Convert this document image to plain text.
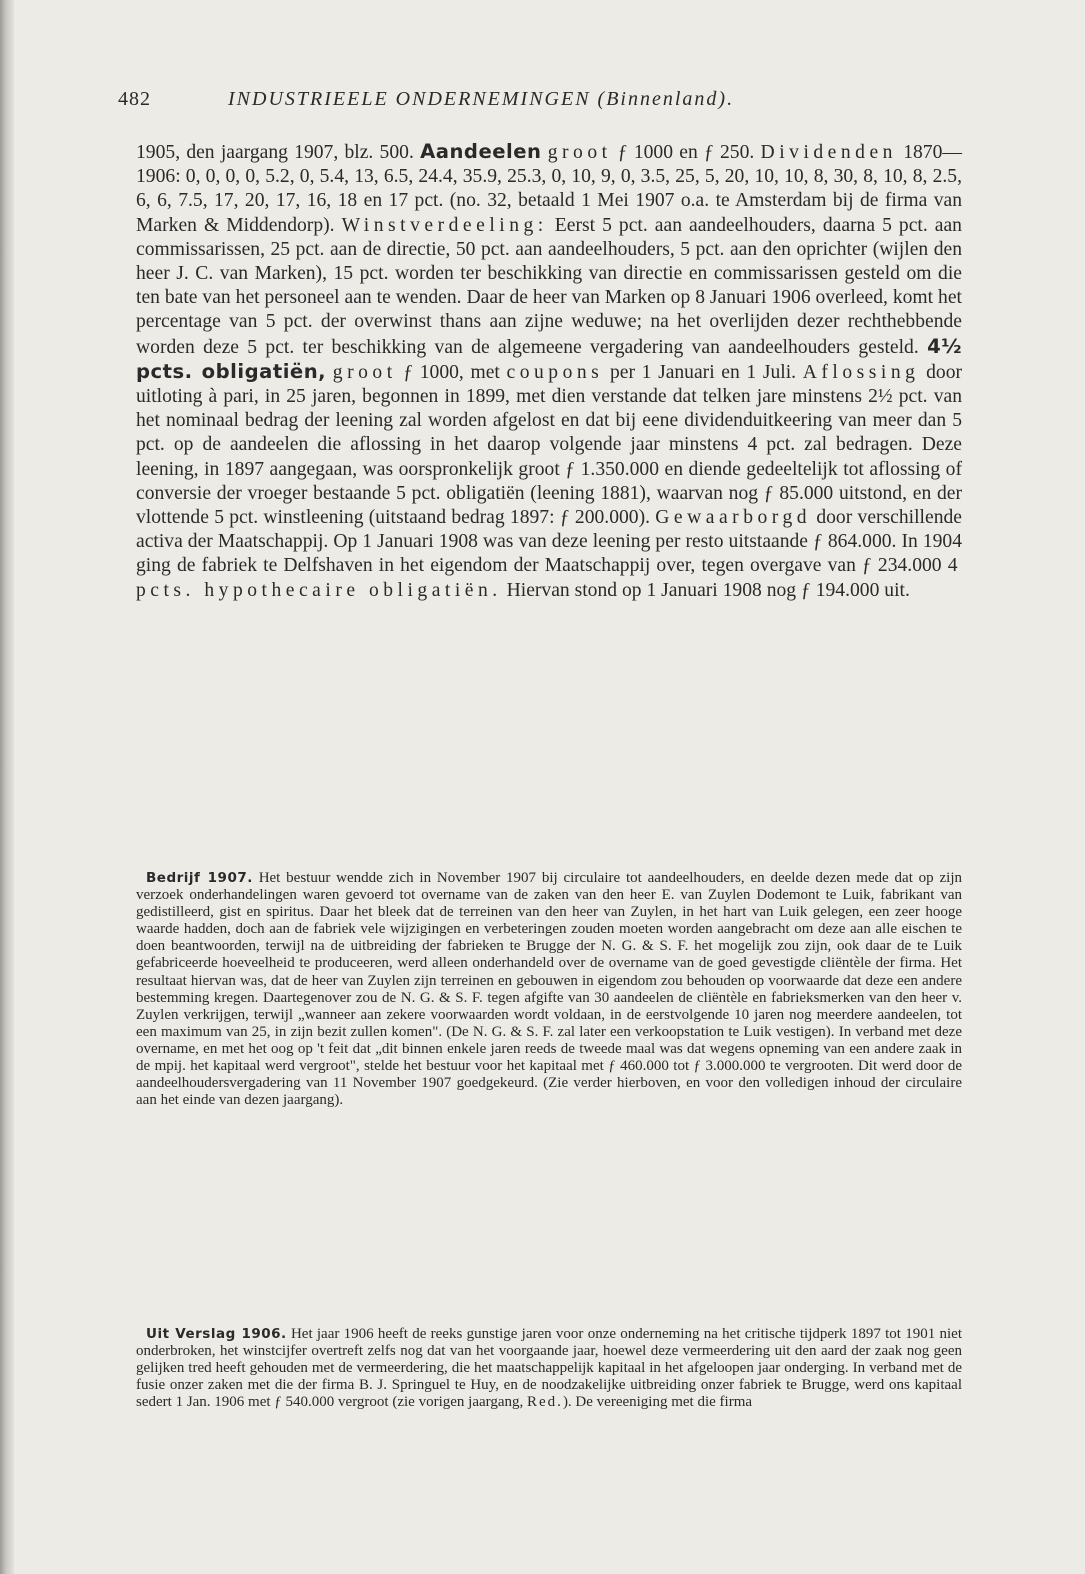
482	INDUSTRIEELE ONDERNEMINGEN (Binnenland).

1905, den jaargang 1907, blz. 500. Aandeelen groot ƒ 1000 en ƒ 250. Dividenden 1870—1906: 0, 0, 0, 0, 5.2, 0, 5.4, 13, 6.5, 24.4, 35.9, 25.3, 0, 10, 9, 0, 3.5, 25, 5, 20, 10, 10, 8, 30, 8, 10, 8, 2.5, 6, 6, 7.5, 17, 20, 17, 16, 18 en 17 pct. (no. 32, betaald 1 Mei 1907 o.a. te Amsterdam bij de firma van Marken & Middendorp). Winstverdeeling: Eerst 5 pct. aan aandeelhouders, daarna 5 pct. aan commissarissen, 25 pct. aan de directie, 50 pct. aan aandeelhouders, 5 pct. aan den oprichter (wijlen den heer J. C. van Marken), 15 pct. worden ter beschikking van directie en commissarissen gesteld om die ten bate van het personeel aan te wenden. Daar de heer van Marken op 8 Januari 1906 overleed, komt het percentage van 5 pct. der overwinst thans aan zijne weduwe; na het overlijden dezer rechthebbende worden deze 5 pct. ter beschikking van de algemeene vergadering van aandeelhouders gesteld. 4½ pcts. obligatiën, groot ƒ 1000, met coupons per 1 Januari en 1 Juli. Aflossing door uitloting à pari, in 25 jaren, begonnen in 1899, met dien verstande dat telken jare minstens 2½ pct. van het nominaal bedrag der leening zal worden afgelost en dat bij eene dividenduitkeering van meer dan 5 pct. op de aandeelen die aflossing in het daarop volgende jaar minstens 4 pct. zal bedragen. Deze leening, in 1897 aangegaan, was oorspronkelijk groot ƒ 1.350.000 en diende gedeeltelijk tot aflossing of conversie der vroeger bestaande 5 pct. obligatiën (leening 1881), waarvan nog ƒ 85.000 uitstond, en der vlottende 5 pct. winstleening (uitstaand bedrag 1897: ƒ 200.000). Gewaarborgd door verschillende activa der Maatschappij. Op 1 Januari 1908 was van deze leening per resto uitstaande ƒ 864.000. In 1904 ging de fabriek te Delfshaven in het eigendom der Maatschappij over, tegen overgave van ƒ 234.000 4 pcts. hypothecaire obligatiën. Hiervan stond op 1 Januari 1908 nog ƒ 194.000 uit.

Bedrijf 1907. Het bestuur wendde zich in November 1907 bij circulaire tot aandeelhouders, en deelde dezen mede dat op zijn verzoek onderhandelingen waren gevoerd tot overname van de zaken van den heer E. van Zuylen Dodemont te Luik, fabrikant van gedistilleerd, gist en spiritus. Daar het bleek dat de terreinen van den heer van Zuylen, in het hart van Luik gelegen, een zeer hooge waarde hadden, doch aan de fabriek vele wijzigingen en verbeteringen zouden moeten worden aangebracht om deze aan alle eischen te doen beantwoorden, terwijl na de uitbreiding der fabrieken te Brugge der N. G. & S. F. het mogelijk zou zijn, ook daar de te Luik gefabriceerde hoeveelheid te produceeren, werd alleen onderhandeld over de overname van de goed gevestigde cliëntèle der firma. Het resultaat hiervan was, dat de heer van Zuylen zijn terreinen en gebouwen in eigendom zou behouden op voorwaarde dat deze een andere bestemming kregen. Daartegenover zou de N. G. & S. F. tegen afgifte van 30 aandeelen de cliëntèle en fabrieksmerken van den heer v. Zuylen verkrijgen, terwijl „wanneer aan zekere voorwaarden wordt voldaan, in de eerstvolgende 10 jaren nog meerdere aandeelen, tot een maximum van 25, in zijn bezit zullen komen". (De N. G. & S. F. zal later een verkoopstation te Luik vestigen). In verband met deze overname, en met het oog op 't feit dat „dit binnen enkele jaren reeds de tweede maal was dat wegens opneming van een andere zaak in de mpij. het kapitaal werd vergroot", stelde het bestuur voor het kapitaal met ƒ 460.000 tot ƒ 3.000.000 te vergrooten. Dit werd door de aandeelhoudersvergadering van 11 November 1907 goedgekeurd. (Zie verder hierboven, en voor den volledigen inhoud der circulaire aan het einde van dezen jaargang).

Uit Verslag 1906. Het jaar 1906 heeft de reeks gunstige jaren voor onze onderneming na het critische tijdperk 1897 tot 1901 niet onderbroken, het winstcijfer overtreft zelfs nog dat van het voorgaande jaar, hoewel deze vermeerdering uit den aard der zaak nog geen gelijken tred heeft gehouden met de vermeerdering, die het maatschappelijk kapitaal in het afgeloopen jaar onderging. In verband met de fusie onzer zaken met die der firma B. J. Springuel te Huy, en de noodzakelijke uitbreiding onzer fabriek te Brugge, werd ons kapitaal sedert 1 Jan. 1906 met ƒ 540.000 vergroot (zie vorigen jaargang, Red.). De vereeniging met die firma
